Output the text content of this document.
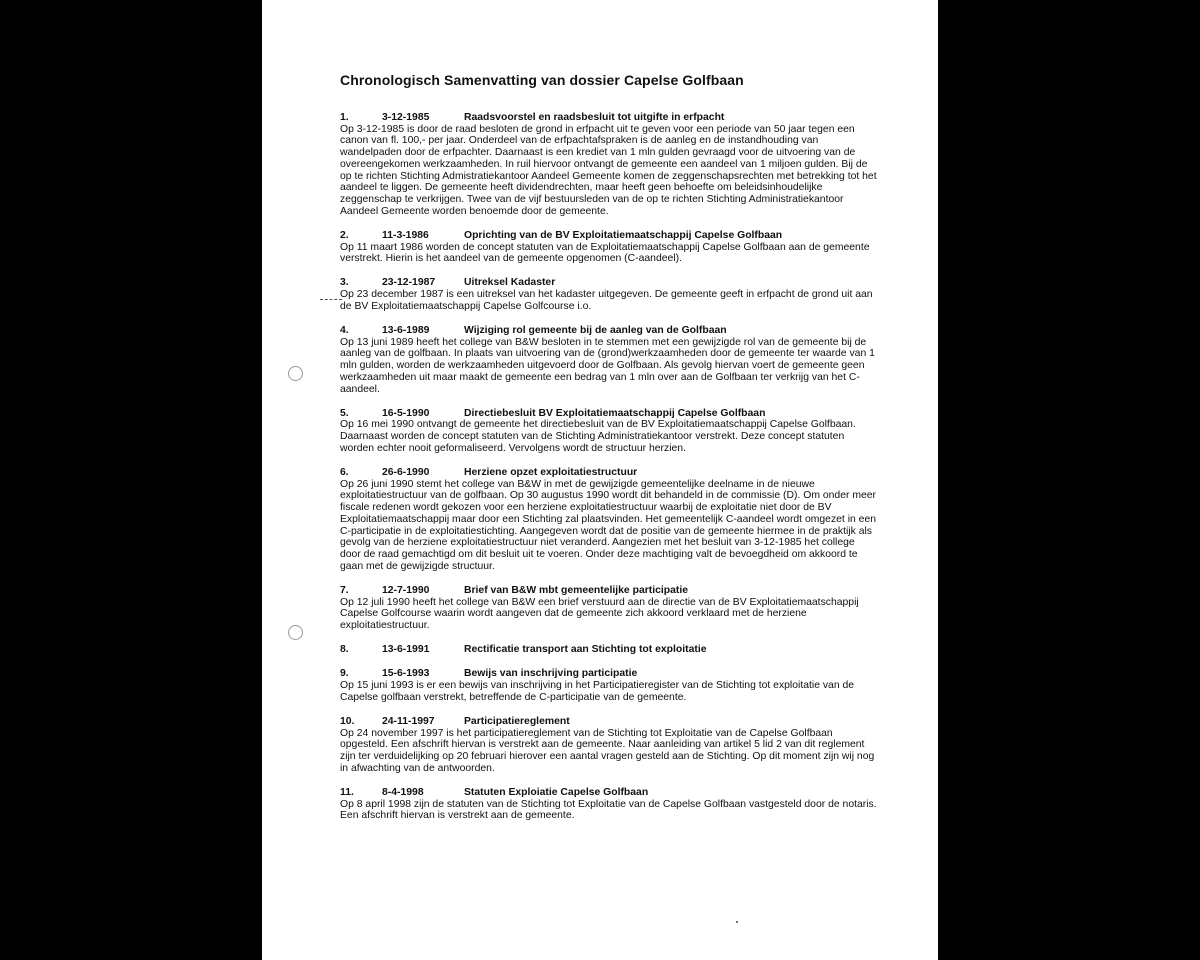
Chronologisch Samenvatting van dossier Capelse Golfbaan
1.	3-12-1985	Raadsvoorstel en raadsbesluit tot uitgifte in erfpacht

Op 3-12-1985 is door de raad besloten de grond in erfpacht uit te geven voor een periode van 50 jaar tegen een canon van fl. 100,- per jaar. Onderdeel van de erfpachtafspraken is de aanleg en de instandhouding van wandelpaden door de erfpachter. Daarnaast is een krediet van 1 mln gulden gevraagd voor de uitvoering van de overeengekomen werkzaamheden. In ruil hiervoor ontvangt de gemeente een aandeel van 1 miljoen gulden. Bij de op te richten Stichting Admistratiekantoor Aandeel Gemeente komen de zeggenschapsrechten met betrekking tot het aandeel te liggen. De gemeente heeft dividendrechten, maar heeft geen behoefte om beleidsinhoudelijke zeggenschap te verkrijgen. Twee van de vijf bestuursleden van de op te richten Stichting Administratiekantoor Aandeel Gemeente worden benoemde door de gemeente.

2.	11-3-1986	Oprichting van de BV Exploitatiemaatschappij Capelse Golfbaan

Op 11 maart 1986 worden de concept statuten van de Exploitatiemaatschappij Capelse Golfbaan aan de gemeente verstrekt. Hierin is het aandeel van de gemeente opgenomen (C-aandeel).

3.	23-12-1987	Uitreksel Kadaster

Op 23 december 1987 is een uitreksel van het kadaster uitgegeven. De gemeente geeft in erfpacht de grond uit aan de BV Exploitatiemaatschappij Capelse Golfcourse i.o.

4.	13-6-1989	Wijziging rol gemeente bij de aanleg van de Golfbaan

Op 13 juni 1989 heeft het college van B&W besloten in te stemmen met een gewijzigde rol van de gemeente bij de aanleg van de golfbaan. In plaats van uitvoering van de (grond)werkzaamheden door de gemeente ter waarde van 1 mln gulden, worden de werkzaamheden uitgevoerd door de Golfbaan. Als gevolg hiervan voert de gemeente geen werkzaamheden uit maar maakt de gemeente een bedrag van 1 mln over aan de Golfbaan ter verkrijg van het C-aandeel.

5.	16-5-1990	Directiebesluit BV Exploitatiemaatschappij Capelse Golfbaan

Op 16 mei 1990 ontvangt de gemeente het directiebesluit van de BV Exploitatiemaatschappij Capelse Golfbaan. Daarnaast worden de concept statuten van de Stichting Administratiekantoor verstrekt. Deze concept statuten worden echter nooit geformaliseerd. Vervolgens wordt de structuur herzien.

6.	26-6-1990	Herziene opzet exploitatiestructuur

Op 26 juni 1990 stemt het college van B&W in met de gewijzigde gemeentelijke deelname in de nieuwe exploitatiestructuur van de golfbaan. Op 30 augustus 1990 wordt dit behandeld in de commissie (D). Om onder meer fiscale redenen wordt gekozen voor een herziene exploitatiestructuur waarbij de exploitatie niet door de BV Exploitatiemaatschappij maar door een Stichting zal plaatsvinden. Het gemeentelijk C-aandeel wordt omgezet in een C-participatie in de exploitatiestichting. Aangegeven wordt dat de positie van de gemeente hiermee in de praktijk als gevolg van de herziene exploitatiestructuur niet veranderd. Aangezien met het besluit van 3-12-1985 het college door de raad gemachtigd om dit besluit uit te voeren. Onder deze machtiging valt de bevoegdheid om akkoord te gaan met de gewijzigde structuur.

7.	12-7-1990	Brief van B&W mbt gemeentelijke participatie

Op 12 juli 1990 heeft het college van B&W een brief verstuurd aan de directie van de BV Exploitatiemaatschappij Capelse Golfcourse waarin wordt aangeven dat de gemeente zich akkoord verklaard met de herziene exploitatiestructuur.

8.	13-6-1991	Rectificatie transport aan Stichting tot exploitatie
9.	15-6-1993	Bewijs van inschrijving participatie

Op 15 juni 1993 is er een bewijs van inschrijving in het Participatieregister van de Stichting tot exploitatie van de Capelse golfbaan verstrekt, betreffende de C-participatie van de gemeente.

10.	24-11-1997	Participatiereglement

Op 24 november 1997 is het participatiereglement van de Stichting tot Exploitatie van de Capelse Golfbaan opgesteld. Een afschrift hiervan is verstrekt aan de gemeente. Naar aanleiding van artikel 5 lid 2 van dit reglement zijn ter verduidelijking op 20 februari hierover een aantal vragen gesteld aan de Stichting. Op dit moment zijn wij nog in afwachting van de antwoorden.

11.	8-4-1998	Statuten Exploiatie Capelse Golfbaan

Op 8 april 1998 zijn de statuten van de Stichting tot Exploitatie van de Capelse Golfbaan vastgesteld door de notaris. Een afschrift hiervan is verstrekt aan de gemeente.
